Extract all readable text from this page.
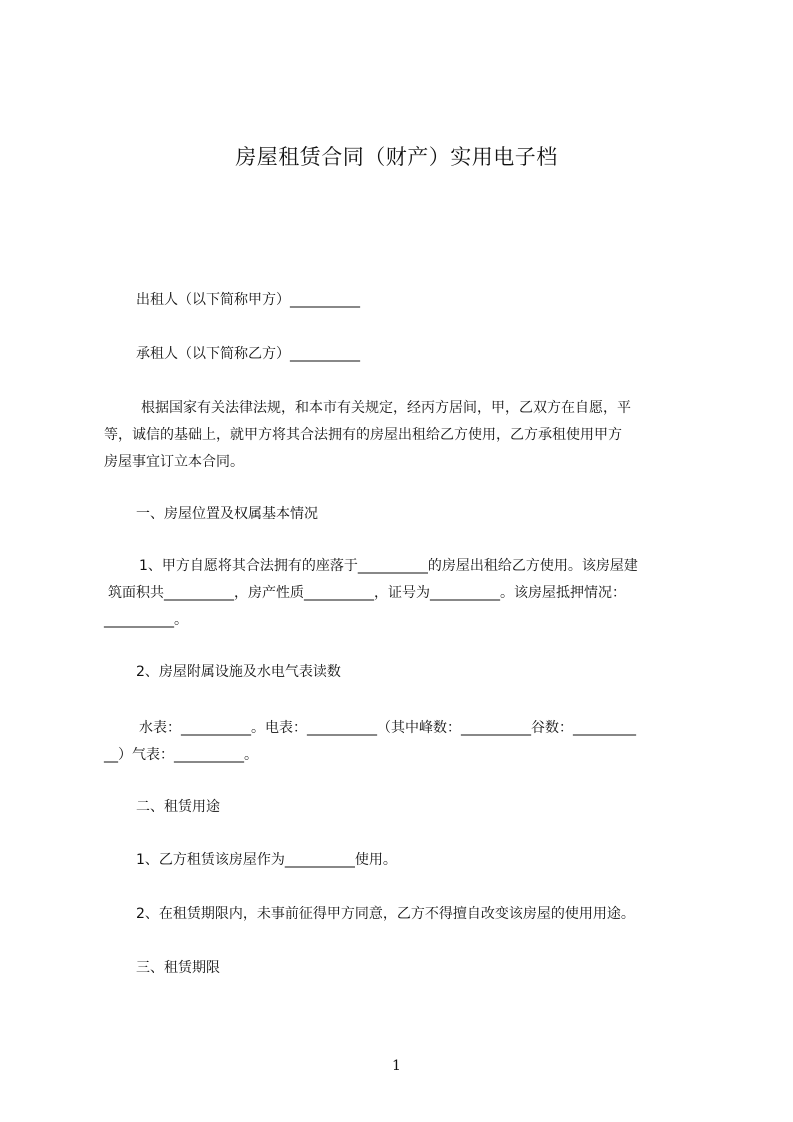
房屋租赁合同（财产）实用电子档

出租人（以下简称甲方）__________

承租人（以下简称乙方）__________

根据国家有关法律法规，和本市有关规定，经丙方居间，甲，乙双方在自愿，平

等，诚信的基础上，就甲方将其合法拥有的房屋出租给乙方使用，乙方承租使用甲方

房屋事宜订立本合同。

一、房屋位置及权属基本情况

1、甲方自愿将其合法拥有的座落于__________的房屋出租给乙方使用。该房屋建

筑面积共__________，房产性质__________，证号为__________。该房屋抵押情况：

__________。

2、房屋附属设施及水电气表读数

水表：__________。电表：__________（其中峰数：__________谷数：_________

__）气表：__________。

二、租赁用途

1、乙方租赁该房屋作为__________使用。

2、在租赁期限内，未事前征得甲方同意，乙方不得擅自改变该房屋的使用用途。

三、租赁期限

1
